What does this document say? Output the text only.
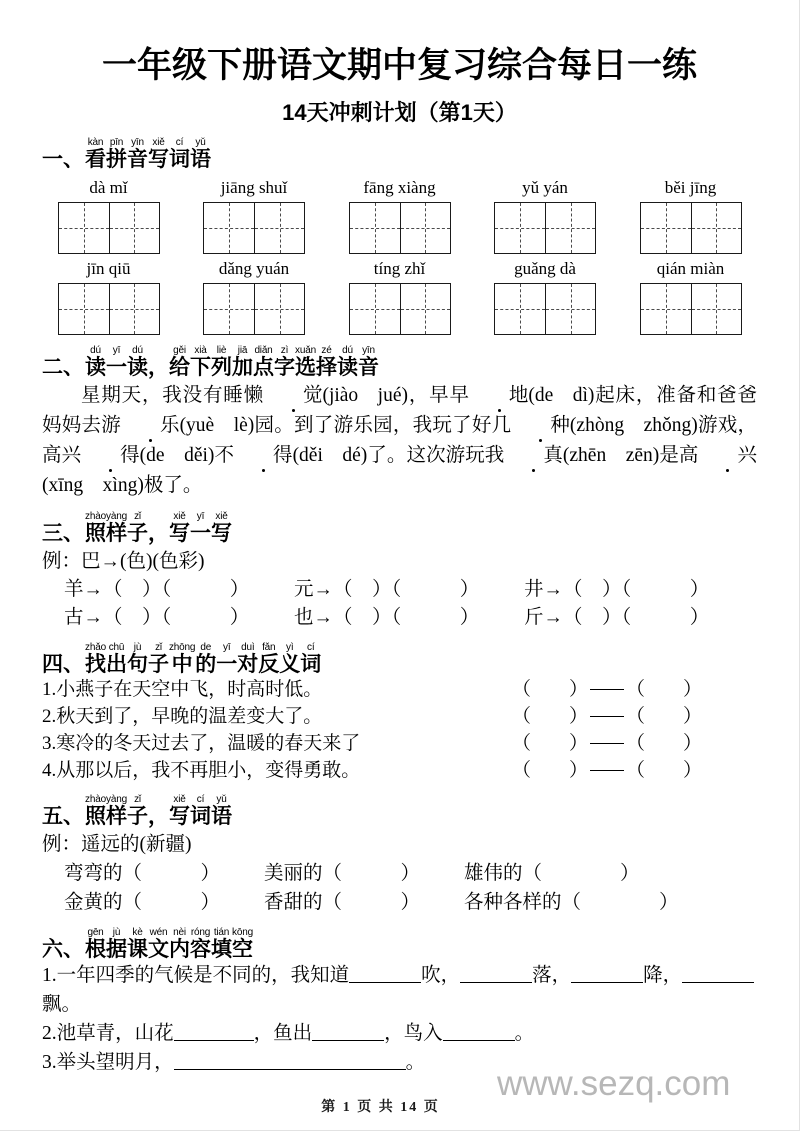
一年级下册语文期中复习综合每日一练
14天冲刺计划（第1天）
一、
kàn
看
pīn
拼
yīn
音
xiě
写
cí
词
yǔ
语
dà mǐ	jiāng shuǐ	fāng xiàng	yǔ yán	běi jīng
jīn qiū	dǎng yuán	tíng zhǐ	guǎng dà	qián miàn
二、
dú
读
yī
一
dú
读 ，
gěi
给
xià
下
liè
列
jiā
加
diǎn
点
zì
字
xuǎn
选
zé
择
dú
读
yīn
音
星期天，我没有睡懒 觉(jiào jué)，早早 地(de dì)起床，准备和爸爸妈妈去游 乐(yuè lè)园。到了游乐园，我玩了好几 种(zhòng zhǒng)游戏，高兴 得(de děi)不 得(děi dé)了。这次游玩我 真(zhēn zēn)是高 兴(xīng xìng)极了。
三、
zhào
照
yàng
样
zǐ
子 ，
xiě
写
yī
一
xiě
写
例：巴→(色)(色彩)
羊→（ ）（   ）	元→（ ）（   ）	井→（ ）（   ）
古→（ ）（   ）	也→（ ）（   ）	斤→（ ）（   ）
四、
zhǎo
找
chū
出
jù
句
zǐ
子
zhōng
中
de
的
yī
一
duì
对
fǎn
反
yì
义
cí
词
1.小燕子在天空中飞，时高时低。	（  ） （  ）
2.秋天到了，早晚的温差变大了。	（  ） （  ）
3.寒冷的冬天过去了，温暖的春天来了	（  ） （  ）
4.从那以后，我不再胆小，变得勇敢。	（  ） （  ）
五、
zhào
照
yàng
样
zǐ
子 ，
xiě
写
cí
词
yǔ
语
例：遥远的(新疆)
弯弯的（   ）	美丽的（   ）	雄伟的（    ）
金黄的（   ）	香甜的（   ）	各种各样的（    ）
六、
gēn
根
jù
据
kè
课
wén
文
nèi
内
róng
容
tián
填
kōng
空
1.一年四季的气候是不同的，我知道	吹，	落，	降，飘。
2.池草青，山花	，鱼出	，鸟入	。
3.举头望明月，	。
www.sezq.com
第 1 页 共 14 页
